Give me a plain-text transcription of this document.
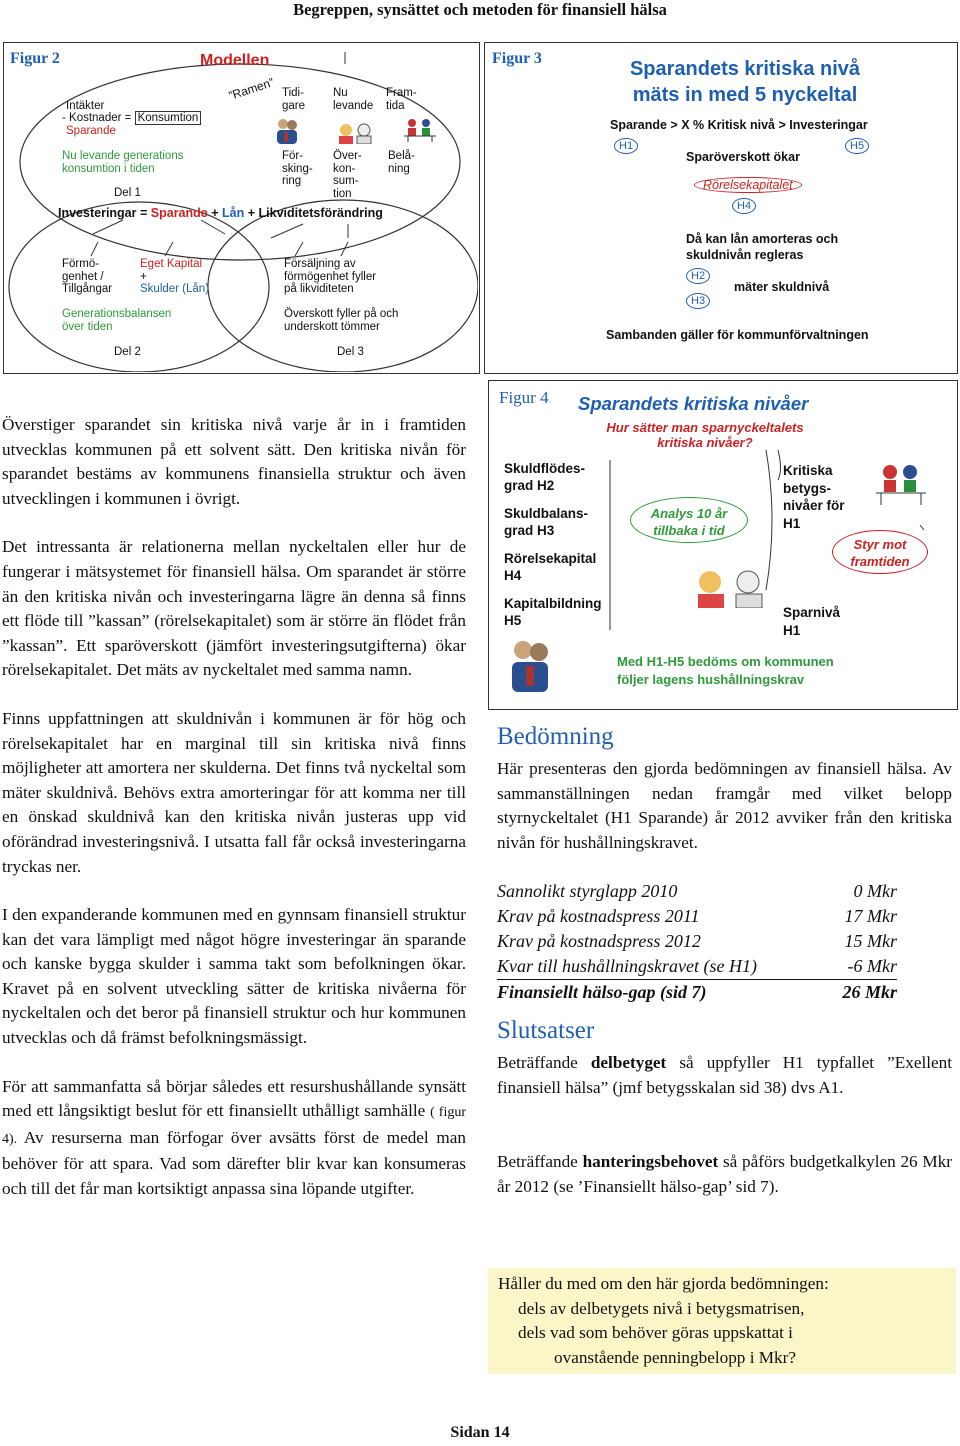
Begreppen, synsättet och metoden för finansiell hälsa
Figur 2	Modellen
”Ramen”
Intäkter
- Kostnader = Konsumtion
Sparande
Nu levande generations
konsumtion i tiden
Del 1
Tidi-
gare
Nu
levande
Fram-
tida
För-
sking-
ring
Över-
kon-
sum-
tion
Belå-
ning
Investeringar = Sparande + Lån + Likviditetsförändring
Förmö-
genhet /
Tillgångar
Eget Kapital
+
Skulder (Lån)
Försäljning av
förmögenhet fyller
på likviditeten
Generationsbalansen
över tiden
Överskott fyller på och
underskott tömmer
Del 2	Del 3
Figur 3	Sparandets kritiska nivå
mäts in med 5 nyckeltal
Sparande > X % Kritisk nivå > Investeringar
H1	H5
Sparöverskott ökar
Rörelsekapitalet
H4
Då kan lån amorteras och
skuldnivån regleras
H2
H3
mäter skuldnivå
Sambanden gäller för kommunförvaltningen

Överstiger sparandet sin kritiska nivå varje år in i framtiden utvecklas kommunen på ett solvent sätt. Den kritiska nivån för sparandet bestäms av kommunens finansiella struktur och även utvecklingen i kommunen i övrigt.

Det intressanta är relationerna mellan nyckeltalen eller hur de fungerar i mätsystemet för finansiell hälsa. Om sparandet är större än den kritiska nivån och investeringarna lägre än denna så finns ett flöde till ”kassan” (rörelsekapitalet) som är större än flödet från ”kassan”. Ett sparöverskott (jämfört investeringsutgifterna) ökar rörelsekapitalet. Det mäts av nyckeltalet med samma namn.

Finns uppfattningen att skuldnivån i kommunen är för hög och rörelsekapitalet har en marginal till sin kritiska nivå finns möjligheter att amortera ner skulderna. Det finns två nyckeltal som mäter skuldnivå. Behövs extra amorteringar för att komma ner till en önskad skuldnivå kan den kritiska nivån justeras upp vid oförändrad investeringsnivå. I utsatta fall får också investeringarna tryckas ner.

I den expanderande kommunen med en gynnsam finansiell struktur kan det vara lämpligt med något högre investeringar än sparande och kanske bygga skulder i samma takt som befolkningen ökar. Kravet på en solvent utveckling sätter de kritiska nivåerna för nyckeltalen och det beror på finansiell struktur och hur kommunen utvecklas och då främst befolkningsmässigt.

För att sammanfatta så börjar således ett resurshushållande synsätt med ett långsiktigt beslut för ett finansiellt uthålligt samhälle ( figur 4). Av resurserna man förfogar över avsätts först de medel man behöver för att spara. Vad som därefter blir kvar kan konsumeras och till det får man kortsiktigt anpassa sina löpande utgifter.

Figur 4 Sparandets kritiska nivåer
Hur sätter man sparnyckeltalets
kritiska nivåer?
Skuldflödes-
grad H2
Skuldbalans-
grad H3
Rörelsekapital
H4
Kapitalbildning
H5
Analys 10 år
tillbaka i tid
Kritiska
betygs-
nivåer för
H1
Styr mot
framtiden
Sparnivå
H1
Med H1-H5 bedöms om kommunen
följer lagens hushållningskrav
Bedömning
Här presenteras den gjorda bedömningen av finansiell hälsa. Av sammanställningen nedan framgår med vilket belopp styrnyckeltalet (H1 Sparande) år 2012 avviker från den kritiska nivån för hushållningskravet.
Sannolikt styrglapp 2010	0 Mkr
Krav på kostnadspress 2011	17 Mkr
Krav på kostnadspress 2012	15 Mkr
Kvar till hushållningskravet (se H1)	-6 Mkr
Finansiellt hälso-gap (sid 7)	26 Mkr
Slutsatser
Beträffande delbetyget så uppfyller H1 typfallet ”Exellent finansiell hälsa” (jmf betygsskalan sid 38) dvs A1.
Beträffande hanteringsbehovet så påförs budgetkalkylen 26 Mkr år 2012 (se ’Finansiellt hälso-gap’ sid 7).
Håller du med om den här gjorda bedömningen:
dels av delbetygets nivå i betygsmatrisen,
dels vad som behöver göras uppskattat i
ovanstående penningbelopp i Mkr?
Sidan 14
